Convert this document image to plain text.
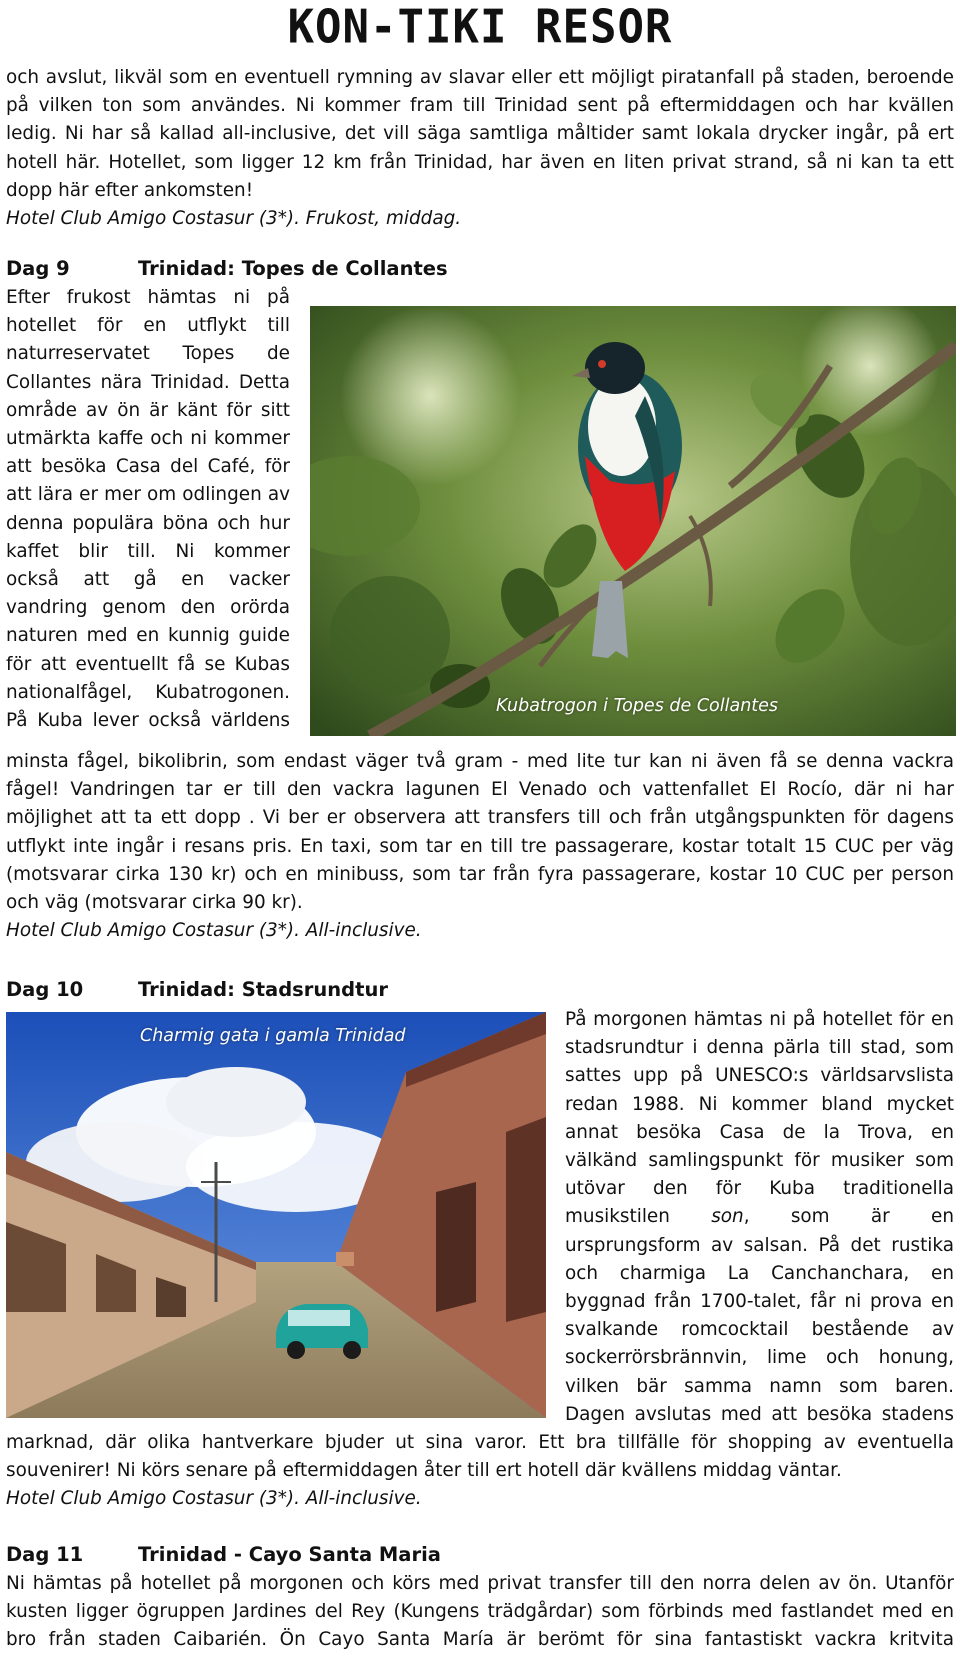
KON-TIKI RESOR
och avslut, likväl som en eventuell rymning av slavar eller ett möjligt piratanfall på staden, beroende
på vilken ton som användes. Ni kommer fram till Trinidad sent på eftermiddagen och har kvällen
ledig. Ni har så kallad all-inclusive, det vill säga samtliga måltider samt lokala drycker ingår, på ert
hotell här. Hotellet, som ligger 12 km från Trinidad, har även en liten privat strand, så ni kan ta ett
dopp här efter ankomsten!
Hotel Club Amigo Costasur (3*). Frukost, middag.
Dag 9	Trinidad: Topes de Collantes
Efter frukost hämtas ni på
hotellet för en utflykt till
naturreservatet Topes de
Collantes nära Trinidad. Detta
område av ön är känt för sitt
utmärkta kaffe och ni kommer
att besöka Casa del Café, för
att lära er mer om odlingen av
denna populära böna och hur
kaffet blir till. Ni kommer
också att gå en vacker
vandring genom den orörda
naturen med en kunnig guide
för att eventuellt få se Kubas
nationalfågel, Kubatrogonen.
På Kuba lever också världens
Kubatrogon i Topes de Collantes
minsta fågel, bikolibrin, som endast väger två gram - med lite tur kan ni även få se denna vackra
fågel! Vandringen tar er till den vackra lagunen El Venado och vattenfallet El Rocío, där ni har
möjlighet att ta ett dopp . Vi ber er observera att transfers till och från utgångspunkten för dagens
utflykt inte ingår i resans pris. En taxi, som tar en till tre passagerare, kostar totalt 15 CUC per väg
(motsvarar cirka 130 kr) och en minibuss, som tar från fyra passagerare, kostar 10 CUC per person
och väg (motsvarar cirka 90 kr).
Hotel Club Amigo Costasur (3*). All-inclusive.
Dag 10	Trinidad: Stadsrundtur
Charmig gata i gamla Trinidad
På morgonen hämtas ni på hotellet för en
stadsrundtur i denna pärla till stad, som
sattes upp på UNESCO:s världsarvslista
redan 1988. Ni kommer bland mycket
annat besöka Casa de la Trova, en
välkänd samlingspunkt för musiker som
utövar den för Kuba traditionella
musikstilen son, som är en
ursprungsform av salsan. På det rustika
och charmiga La Canchanchara, en
byggnad från 1700-talet, får ni prova en
svalkande romcocktail bestående av
sockerrörsbrännvin, lime och honung,
vilken bär samma namn som baren.
Dagen avslutas med att besöka stadens
marknad, där olika hantverkare bjuder ut sina varor. Ett bra tillfälle för shopping av eventuella
souvenirer! Ni körs senare på eftermiddagen åter till ert hotell där kvällens middag väntar.
Hotel Club Amigo Costasur (3*). All-inclusive.
Dag 11	Trinidad - Cayo Santa Maria
Ni hämtas på hotellet på morgonen och körs med privat transfer till den norra delen av ön. Utanför
kusten ligger ögruppen Jardines del Rey (Kungens trädgårdar) som förbinds med fastlandet med en
bro från staden Caibarién. Ön Cayo Santa María är berömt för sina fantastiskt vackra kritvita
